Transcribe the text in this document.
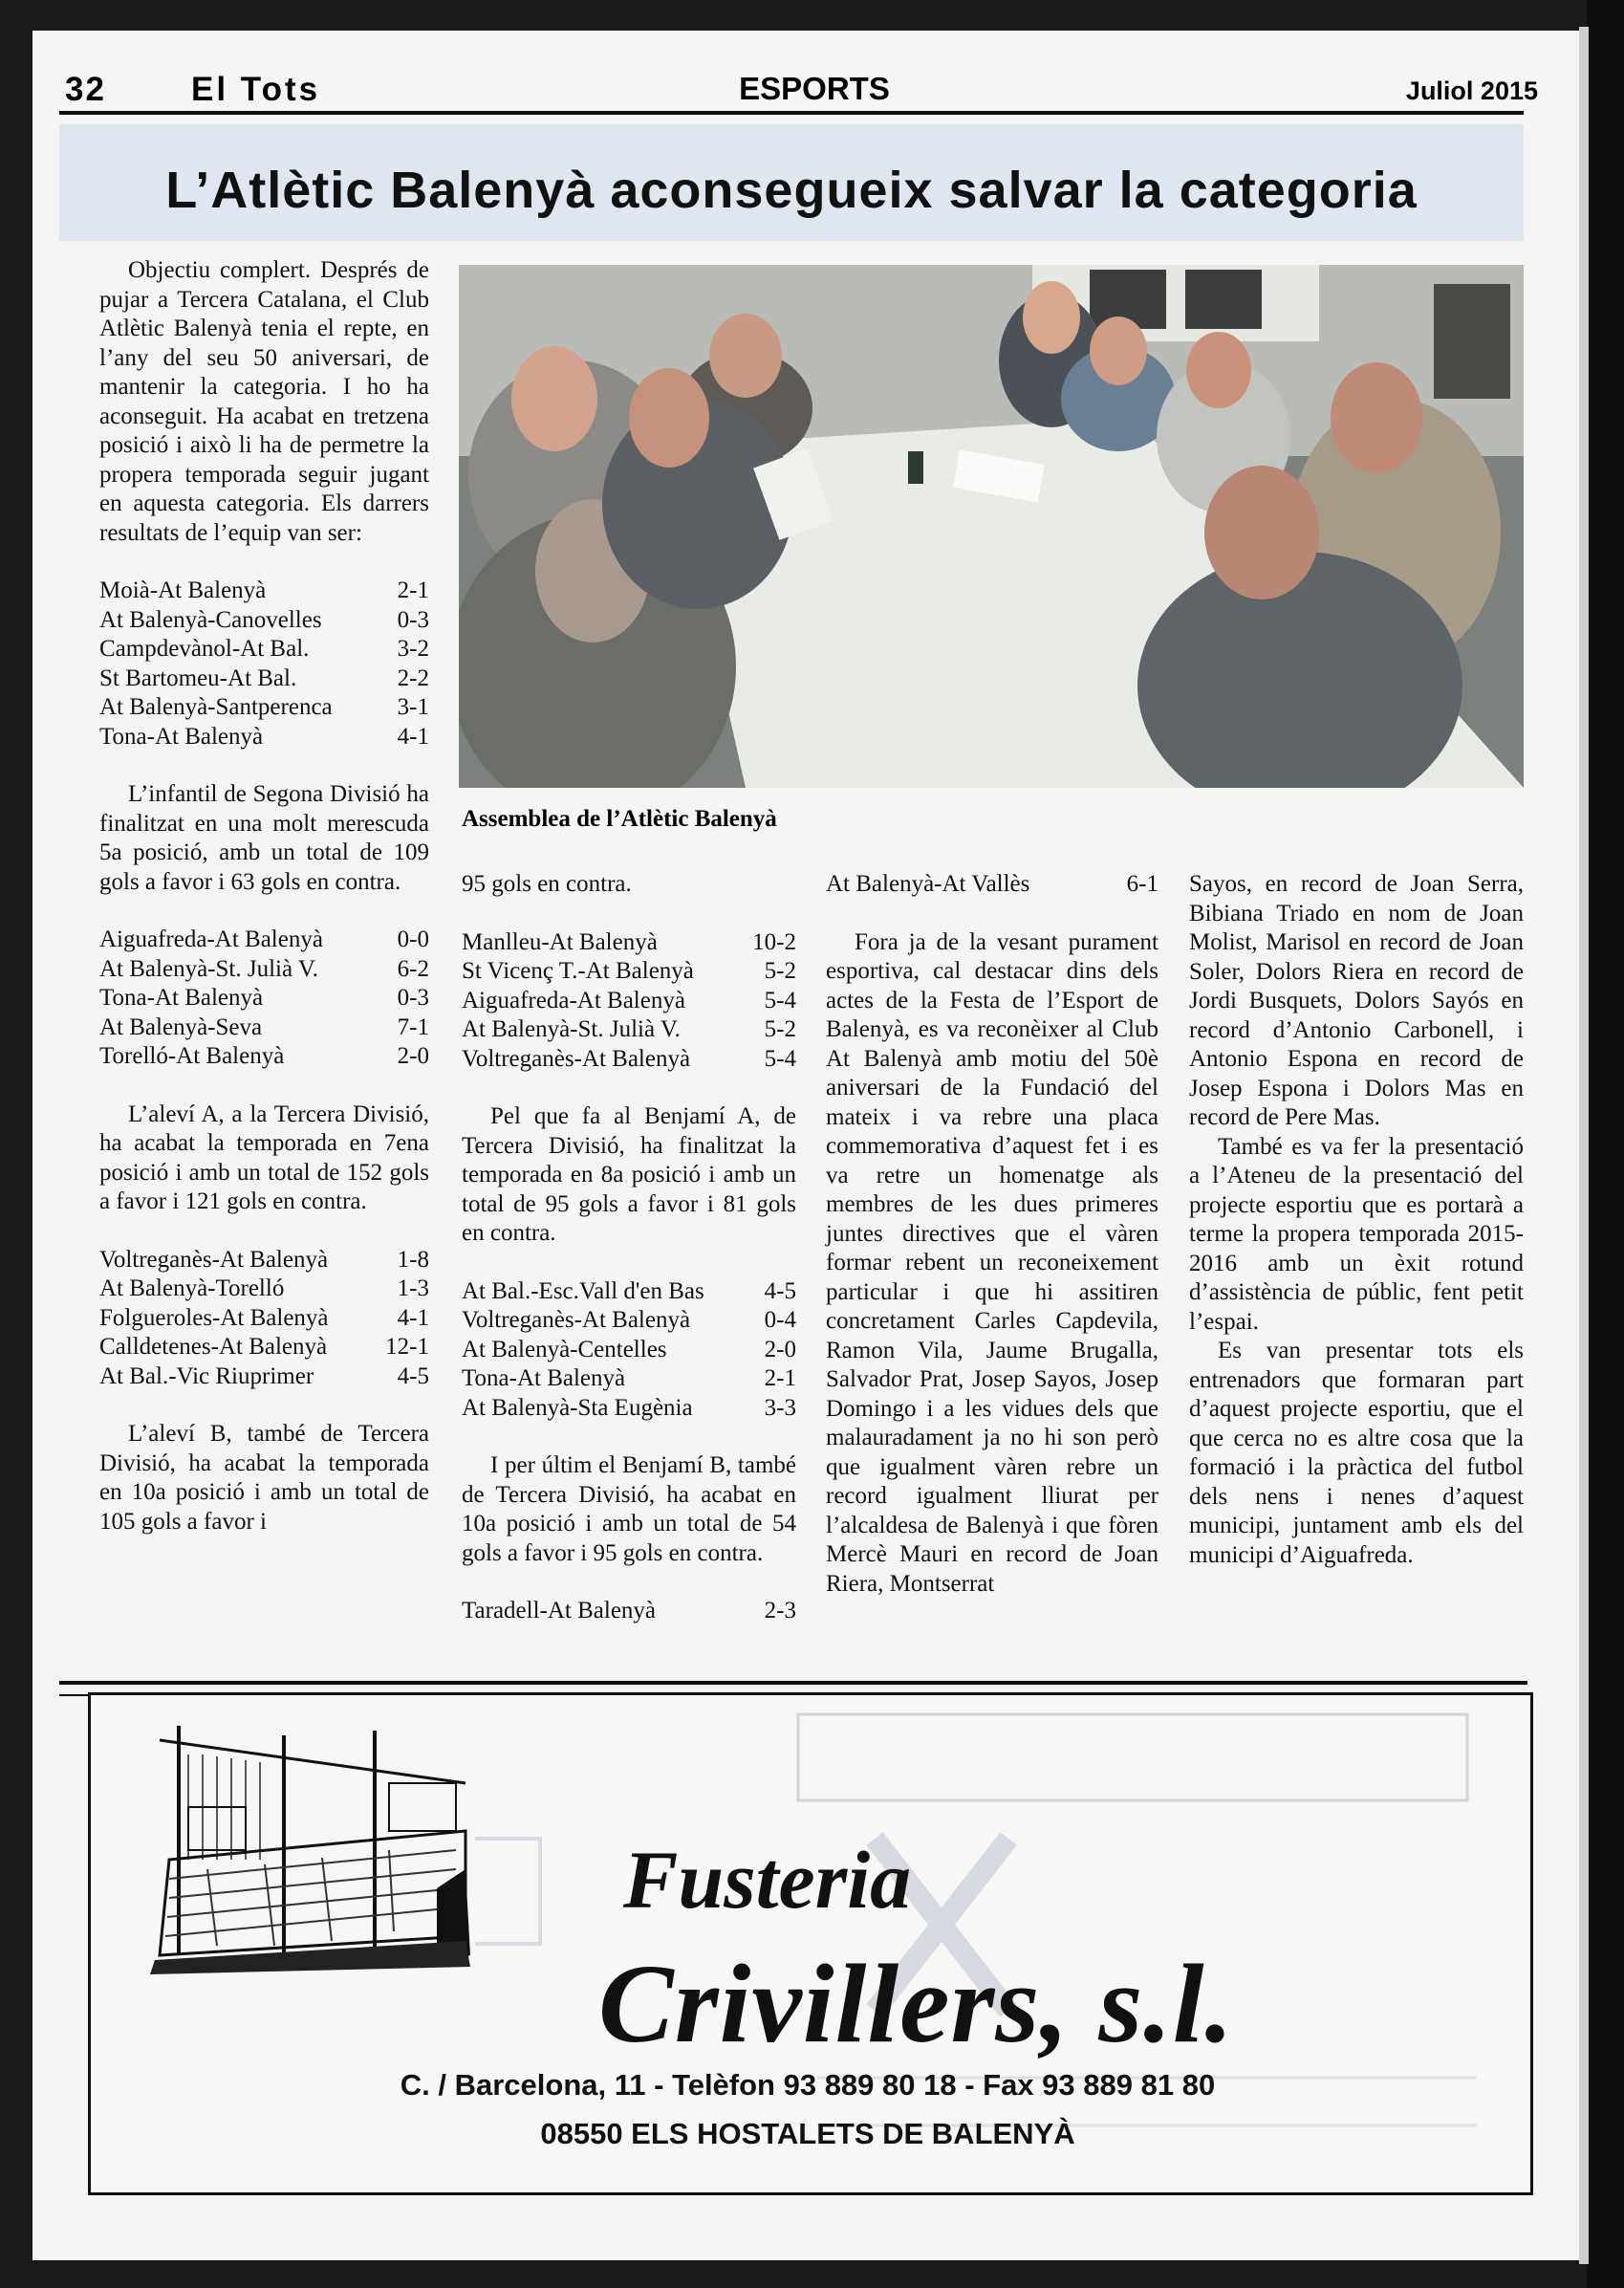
32	El Tots	ESPORTS	Juliol 2015
L’Atlètic Balenyà aconsegueix salvar la categoria

Objectiu complert. Després de pujar a Tercera Catalana, el Club Atlètic Balenyà tenia el repte, en l’any del seu 50 aniversari, de mantenir la categoria. I ho ha aconseguit. Ha acabat en tretzena posició i això li ha de permetre la propera temporada seguir jugant en aquesta categoria. Els darrers resultats de l’equip van ser:

Moià-At Balenyà	2-1
At Balenyà-Canovelles	0-3
Campdevànol-At Bal.	3-2
St Bartomeu-At Bal.	2-2
At Balenyà-Santperenca	3-1
Tona-At Balenyà	4-1

L’infantil de Segona Divisió ha finalitzat en una molt merescuda 5a posició, amb un total de 109 gols a favor i 63 gols en contra.

Aiguafreda-At Balenyà	0-0
At Balenyà-St. Julià V.	6-2
Tona-At Balenyà	0-3
At Balenyà-Seva	7-1
Torelló-At Balenyà	2-0

L’aleví A, a la Tercera Divisió, ha acabat la temporada en 7ena posició i amb un total de 152 gols a favor i 121 gols en contra.

Voltreganès-At Balenyà	1-8
At Balenyà-Torelló	1-3
Folgueroles-At Balenyà	4-1
Calldetenes-At Balenyà 12-1
At Bal.-Vic Riuprimer	4-5

L’aleví B, també de Tercera Divisió, ha acabat la temporada en 10a posició i amb un total de 105 gols a favor i

Assemblea de l’Atlètic Balenyà

95 gols en contra.

Manlleu-At Balenyà	10-2
St Vicenç T.-At Balenyà	5-2
Aiguafreda-At Balenyà	5-4
At Balenyà-St. Julià V.	5-2
Voltreganès-At Balenyà	5-4

Pel que fa al Benjamí A, de Tercera Divisió, ha finalitzat la temporada en 8a posició i amb un total de 95 gols a favor i 81 gols en contra.

At Bal.-Esc.Vall d'en Bas	4-5
Voltreganès-At Balenyà	0-4
At Balenyà-Centelles	2-0
Tona-At Balenyà	2-1
At Balenyà-Sta Eugènia	3-3

I per últim el Benjamí B, també de Tercera Divisió, ha acabat en 10a posició i amb un total de 54 gols a favor i 95 gols en contra.

Taradell-At Balenyà	2-3
At Balenyà-At Vallès	6-1

Fora ja de la vesant purament esportiva, cal destacar dins dels actes de la Festa de l’Esport de Balenyà, es va reconèixer al Club At Balenyà amb motiu del 50è aniversari de la Fundació del mateix i va rebre una placa commemorativa d’aquest fet i es va retre un homenatge als membres de les dues primeres juntes directives que el vàren formar rebent un reconeixement particular i que hi assitiren concretament Carles Capdevila, Ramon Vila, Jaume Brugalla, Salvador Prat, Josep Sayos, Josep Domingo i a les vidues dels que malauradament ja no hi son però que igualment vàren rebre un record igualment lliurat per l’alcaldesa de Balenyà i que fòren Mercè Mauri en record de Joan Riera, Montserrat

Sayos, en record de Joan Serra, Bibiana Triado en nom de Joan Molist, Marisol en record de Joan Soler, Dolors Riera en record de Jordi Busquets, Dolors Sayós en record d’Antonio Carbonell, i Antonio Espona en record de Josep Espona i Dolors Mas en record de Pere Mas.

També es va fer la presentació a l’Ateneu de la presentació del projecte esportiu que es portarà a terme la propera temporada 2015-2016 amb un èxit rotund d’assistència de públic, fent petit l’espai.

Es van presentar tots els entrenadors que formaran part d’aquest projecte esportiu, que el que cerca no es altre cosa que la formació i la pràctica del futbol dels nens i nenes d’aquest municipi, juntament amb els del municipi d’Aiguafreda.

Fusteria
Crivillers, s.l.
C. / Barcelona, 11 - Telèfon 93 889 80 18 - Fax 93 889 81 80
08550 ELS HOSTALETS DE BALENYÀ
